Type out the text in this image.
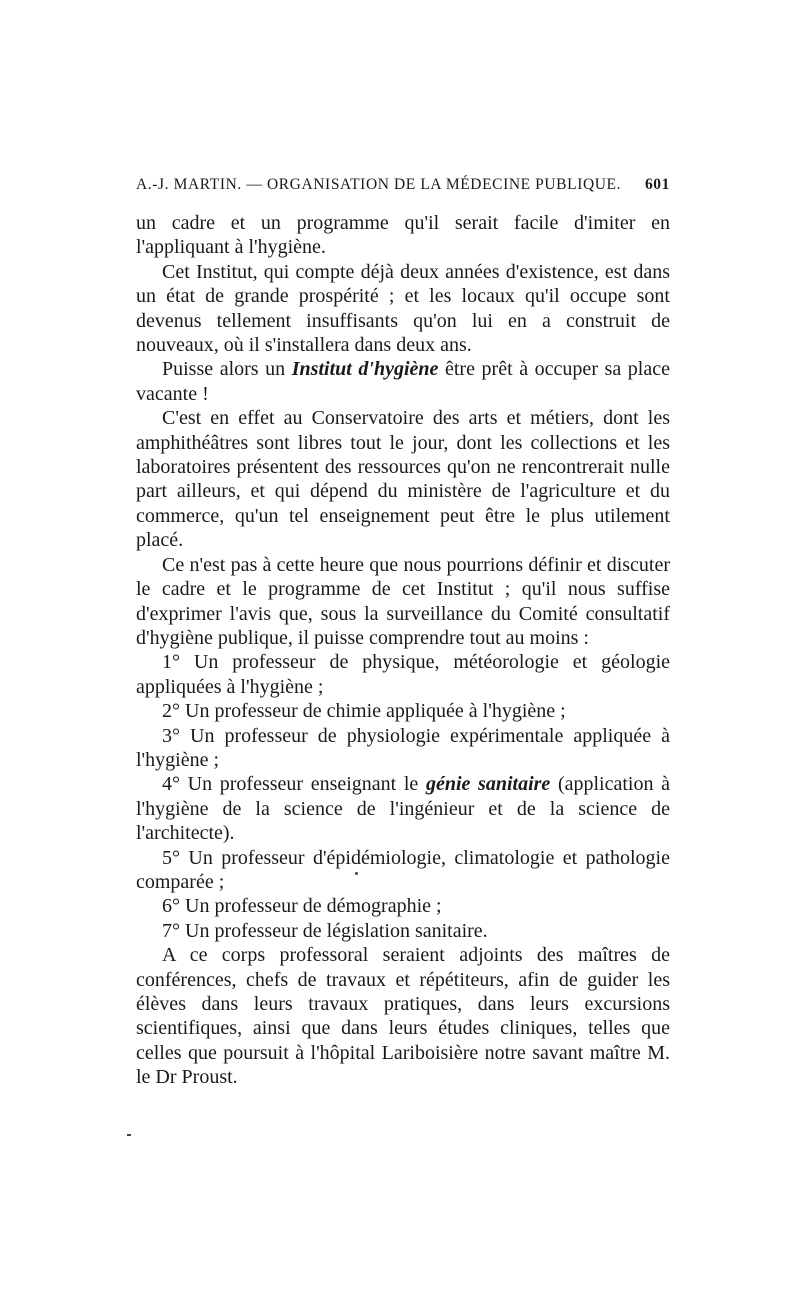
A.-J. MARTIN. — ORGANISATION DE LA MÉDECINE PUBLIQUE. 601

un cadre et un programme qu'il serait facile d'imiter en l'appliquant à l'hygiène.

Cet Institut, qui compte déjà deux années d'existence, est dans un état de grande prospérité ; et les locaux qu'il occupe sont devenus tellement insuffisants qu'on lui en a construit de nouveaux, où il s'installera dans deux ans.

Puisse alors un Institut d'hygiène être prêt à occuper sa place vacante !

C'est en effet au Conservatoire des arts et métiers, dont les amphithéâtres sont libres tout le jour, dont les collections et les laboratoires présentent des ressources qu'on ne rencontrerait nulle part ailleurs, et qui dépend du ministère de l'agriculture et du commerce, qu'un tel enseignement peut être le plus utilement placé.

Ce n'est pas à cette heure que nous pourrions définir et discuter le cadre et le programme de cet Institut ; qu'il nous suffise d'exprimer l'avis que, sous la surveillance du Comité consultatif d'hygiène publique, il puisse comprendre tout au moins :

1° Un professeur de physique, météorologie et géologie appliquées à l'hygiène ;

2° Un professeur de chimie appliquée à l'hygiène ;

3° Un professeur de physiologie expérimentale appliquée à l'hygiène ;

4° Un professeur enseignant le génie sanitaire (application à l'hygiène de la science de l'ingénieur et de la science de l'architecte).

5° Un professeur d'épidémiologie, climatologie et pathologie comparée ;

6° Un professeur de démographie ;

7° Un professeur de législation sanitaire.

A ce corps professoral seraient adjoints des maîtres de conférences, chefs de travaux et répétiteurs, afin de guider les élèves dans leurs travaux pratiques, dans leurs excursions scientifiques, ainsi que dans leurs études cliniques, telles que celles que poursuit à l'hôpital Lariboisière notre savant maître M. le Dr Proust.
